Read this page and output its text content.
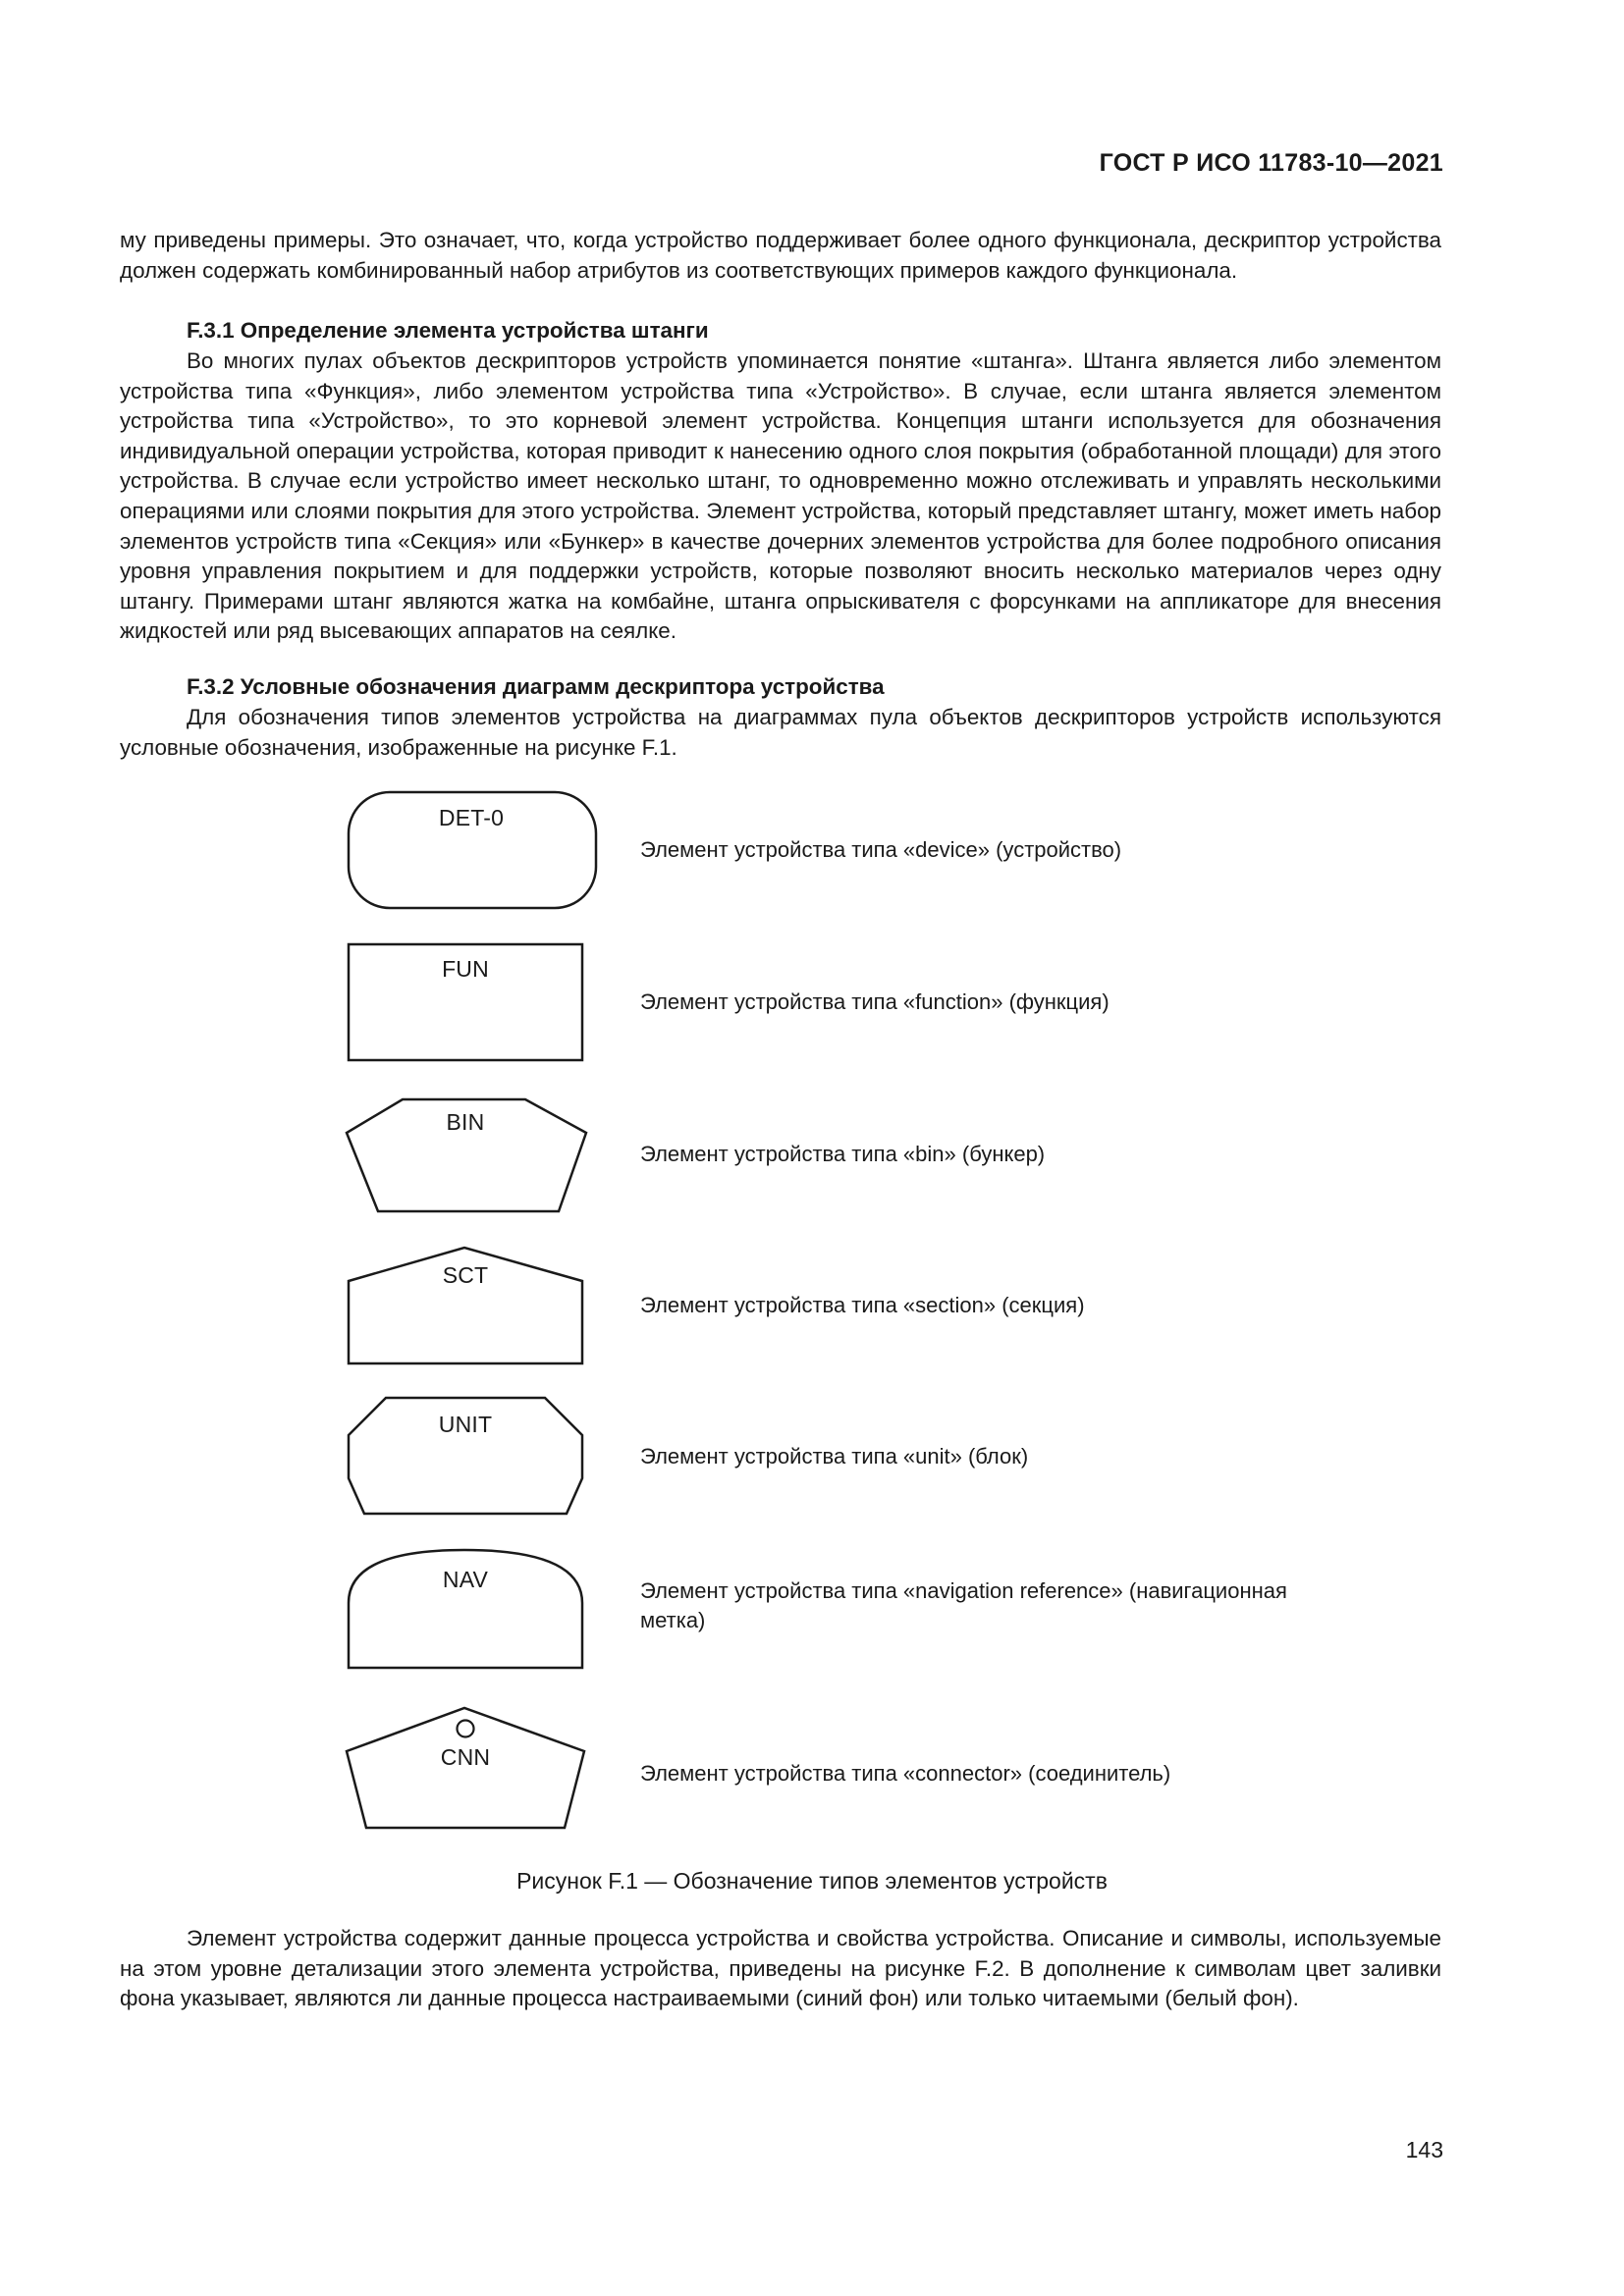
ГОСТ Р ИСО 11783-10—2021

му приведены примеры. Это означает, что, когда устройство поддерживает более одного функционала, дескриптор устройства должен содержать комбинированный набор атрибутов из соответствующих примеров каждого функционала.

F.3.1 Определение элемента устройства штанги

Во многих пулах объектов дескрипторов устройств упоминается понятие «штанга». Штанга является либо элементом устройства типа «Функция», либо элементом устройства типа «Устройство». В случае, если штанга является элементом устройства типа «Устройство», то это корневой элемент устройства. Концепция штанги используется для обозначения индивидуальной операции устройства, которая приводит к нанесению одного слоя покрытия (обработанной площади) для этого устройства. В случае если устройство имеет несколько штанг, то одновременно можно отслеживать и управлять несколькими операциями или слоями покрытия для этого устройства. Элемент устройства, который представляет штангу, может иметь набор элементов устройств типа «Секция» или «Бункер» в качестве дочерних элементов устройства для более подробного описания уровня управления покрытием и для поддержки устройств, которые позволяют вносить несколько материалов через одну штангу. Примерами штанг являются жатка на комбайне, штанга опрыскивателя с форсунками на аппликаторе для внесения жидкостей или ряд высевающих аппаратов на сеялке.

F.3.2 Условные обозначения диаграмм дескриптора устройства

Для обозначения типов элементов устройства на диаграммах пула объектов дескрипторов устройств используются условные обозначения, изображенные на рисунке F.1.

DET-0
Элемент устройства типа «device» (устройство)
FUN
Элемент устройства типа «function» (функция)
BIN
Элемент устройства типа «bin» (бункер)
SCT
Элемент устройства типа «section» (секция)
UNIT
Элемент устройства типа «unit» (блок)
NAV	Элемент устройства типа «navigation reference» (навигационная метка)
CNN
Элемент устройства типа «connector» (соединитель)
Рисунок F.1 — Обозначение типов элементов устройств

Элемент устройства содержит данные процесса устройства и свойства устройства. Описание и символы, используемые на этом уровне детализации этого элемента устройства, приведены на рисунке F.2. В дополнение к символам цвет заливки фона указывает, являются ли данные процесса настраиваемыми (синий фон) или только читаемыми (белый фон).

143
